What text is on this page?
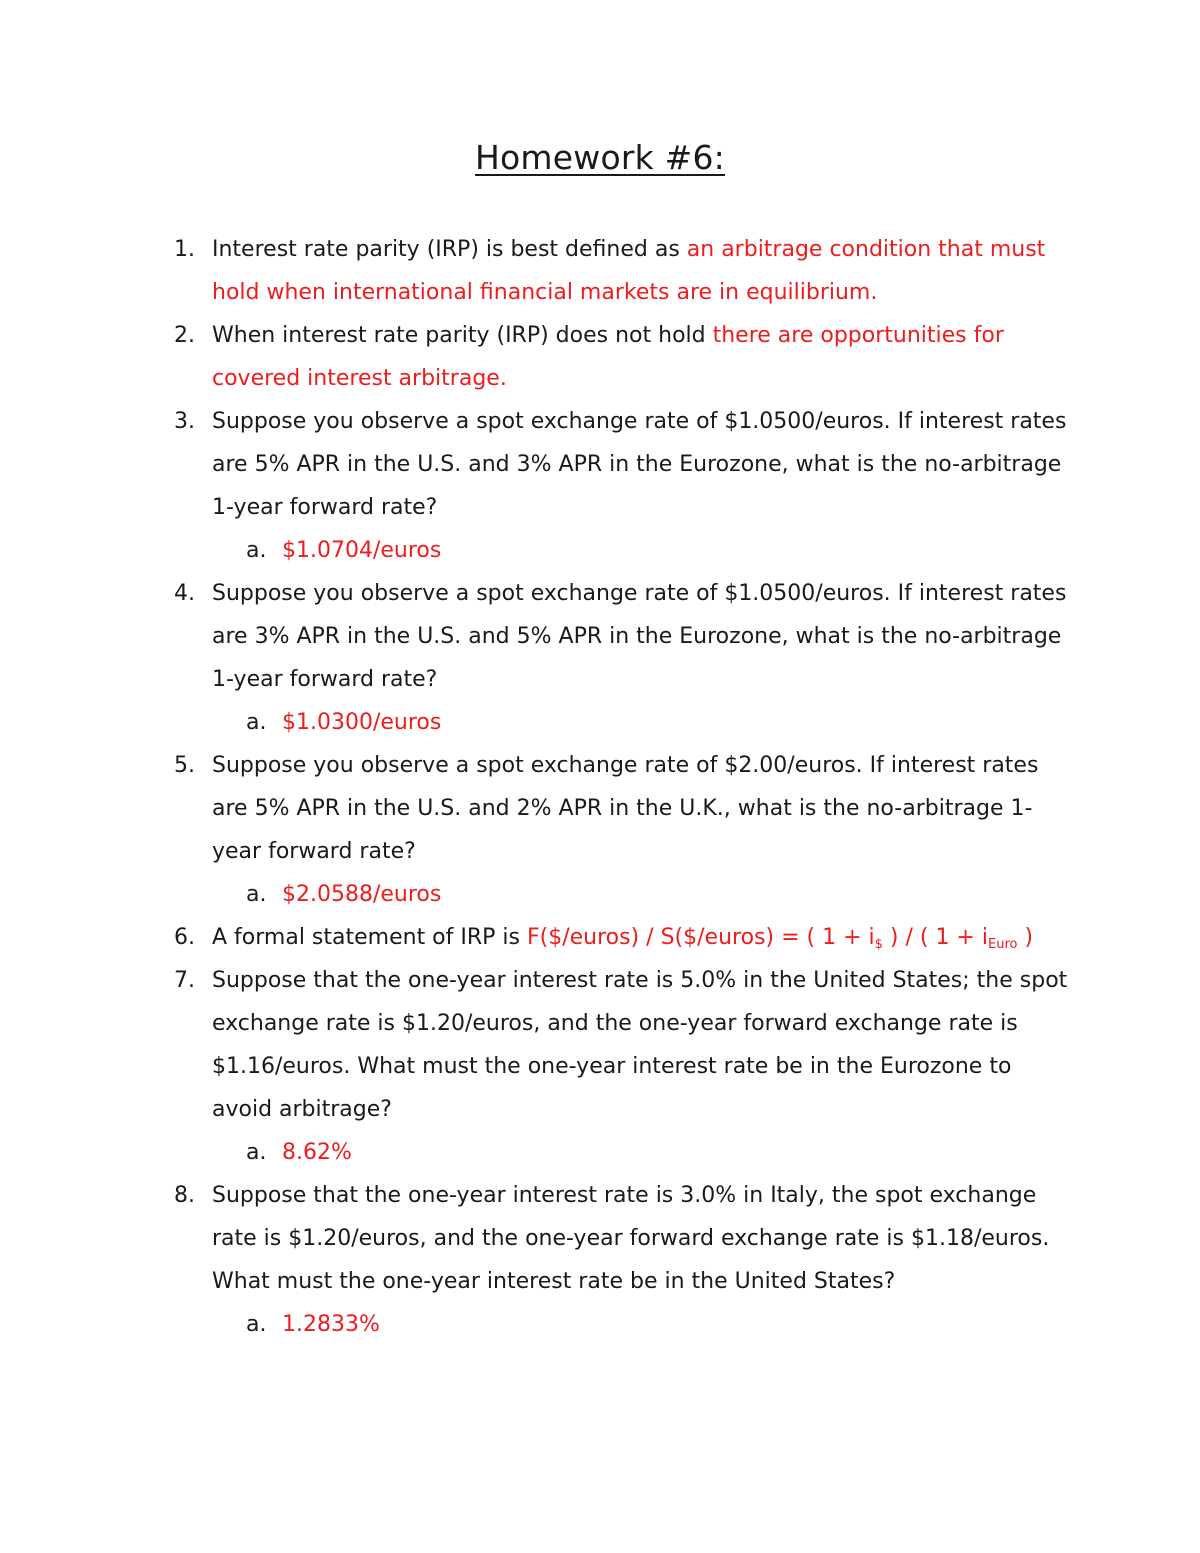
Homework #6:
1. Interest rate parity (IRP) is best defined as an arbitrage condition that must hold when international financial markets are in equilibrium.
2. When interest rate parity (IRP) does not hold there are opportunities for covered interest arbitrage.
3. Suppose you observe a spot exchange rate of $1.0500/euros. If interest rates are 5% APR in the U.S. and 3% APR in the Eurozone, what is the no-arbitrage 1-year forward rate?
a. $1.0704/euros
4. Suppose you observe a spot exchange rate of $1.0500/euros. If interest rates are 3% APR in the U.S. and 5% APR in the Eurozone, what is the no-arbitrage 1-year forward rate?
a. $1.0300/euros
5. Suppose you observe a spot exchange rate of $2.00/euros. If interest rates are 5% APR in the U.S. and 2% APR in the U.K., what is the no-arbitrage 1-year forward rate?
a. $2.0588/euros
6. A formal statement of IRP is F($/euros) / S($/euros) = ( $1 + i_{\$}$ ) / ( $1 + i_{Euro}$ )
7. Suppose that the one-year interest rate is 5.0% in the United States; the spot exchange rate is $1.20/euros, and the one-year forward exchange rate is $1.16/euros. What must the one-year interest rate be in the Eurozone to avoid arbitrage?
a. 8.62%
8. Suppose that the one-year interest rate is 3.0% in Italy, the spot exchange rate is $1.20/euros, and the one-year forward exchange rate is $1.18/euros. What must the one-year interest rate be in the United States?
a. 1.2833%
